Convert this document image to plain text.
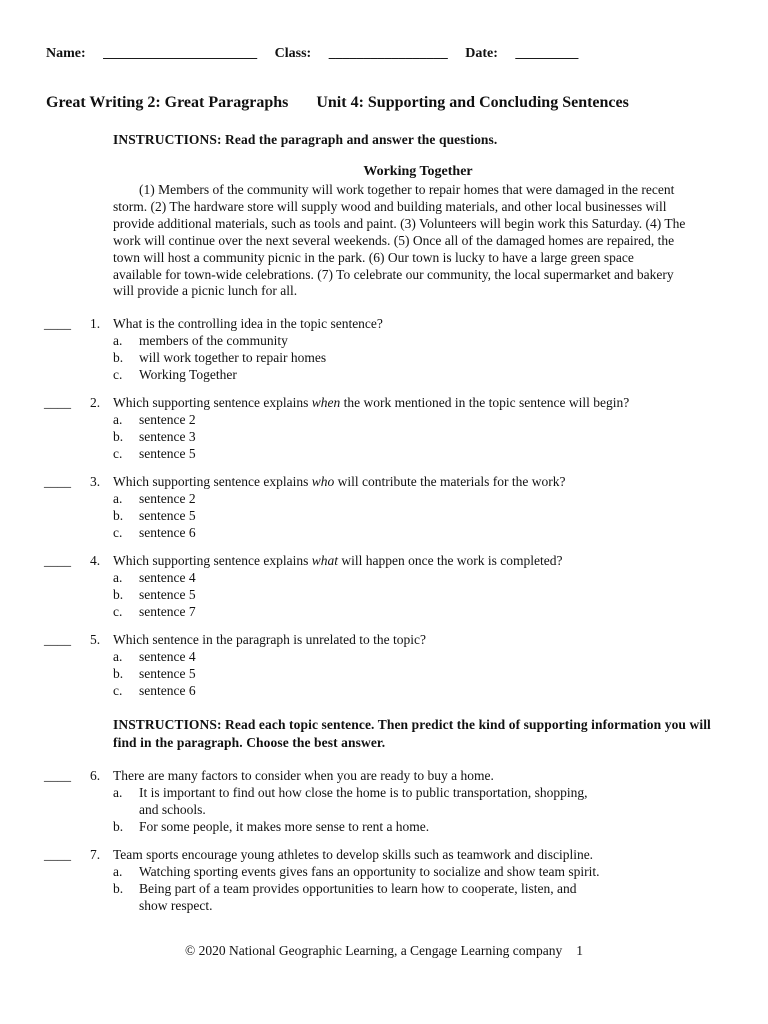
Name: ______________________ Class: _________________ Date: _________
Great Writing 2: Great Paragraphs Unit 4: Supporting and Concluding Sentences
INSTRUCTIONS: Read the paragraph and answer the questions.
Working Together
(1) Members of the community will work together to repair homes that were damaged in the recent
storm. (2) The hardware store will supply wood and building materials, and other local businesses will
provide additional materials, such as tools and paint. (3) Volunteers will begin work this Saturday. (4) The
work will continue over the next several weekends. (5) Once all of the damaged homes are repaired, the
town will host a community picnic in the park. (6) Our town is lucky to have a large green space
available for town-wide celebrations. (7) To celebrate our community, the local supermarket and bakery
will provide a picnic lunch for all.
____ 1. What is the controlling idea in the topic sentence?
a. members of the community
b. will work together to repair homes
c. Working Together
____ 2. Which supporting sentence explains when the work mentioned in the topic sentence will begin?
a. sentence 2
b. sentence 3
c. sentence 5
____ 3. Which supporting sentence explains who will contribute the materials for the work?
a. sentence 2
b. sentence 5
c. sentence 6
____ 4. Which supporting sentence explains what will happen once the work is completed?
a. sentence 4
b. sentence 5
c. sentence 7
____ 5. Which sentence in the paragraph is unrelated to the topic?
a. sentence 4
b. sentence 5
c. sentence 6
INSTRUCTIONS: Read each topic sentence. Then predict the kind of supporting information you will find in the paragraph. Choose the best answer.
____ 6. There are many factors to consider when you are ready to buy a home.
a. It is important to find out how close the home is to public transportation, shopping,
and schools.
b. For some people, it makes more sense to rent a home.
____ 7. Team sports encourage young athletes to develop skills such as teamwork and discipline.
a. Watching sporting events gives fans an opportunity to socialize and show team spirit.
b. Being part of a team provides opportunities to learn how to cooperate, listen, and
show respect.
© 2020 National Geographic Learning, a Cengage Learning company 1
